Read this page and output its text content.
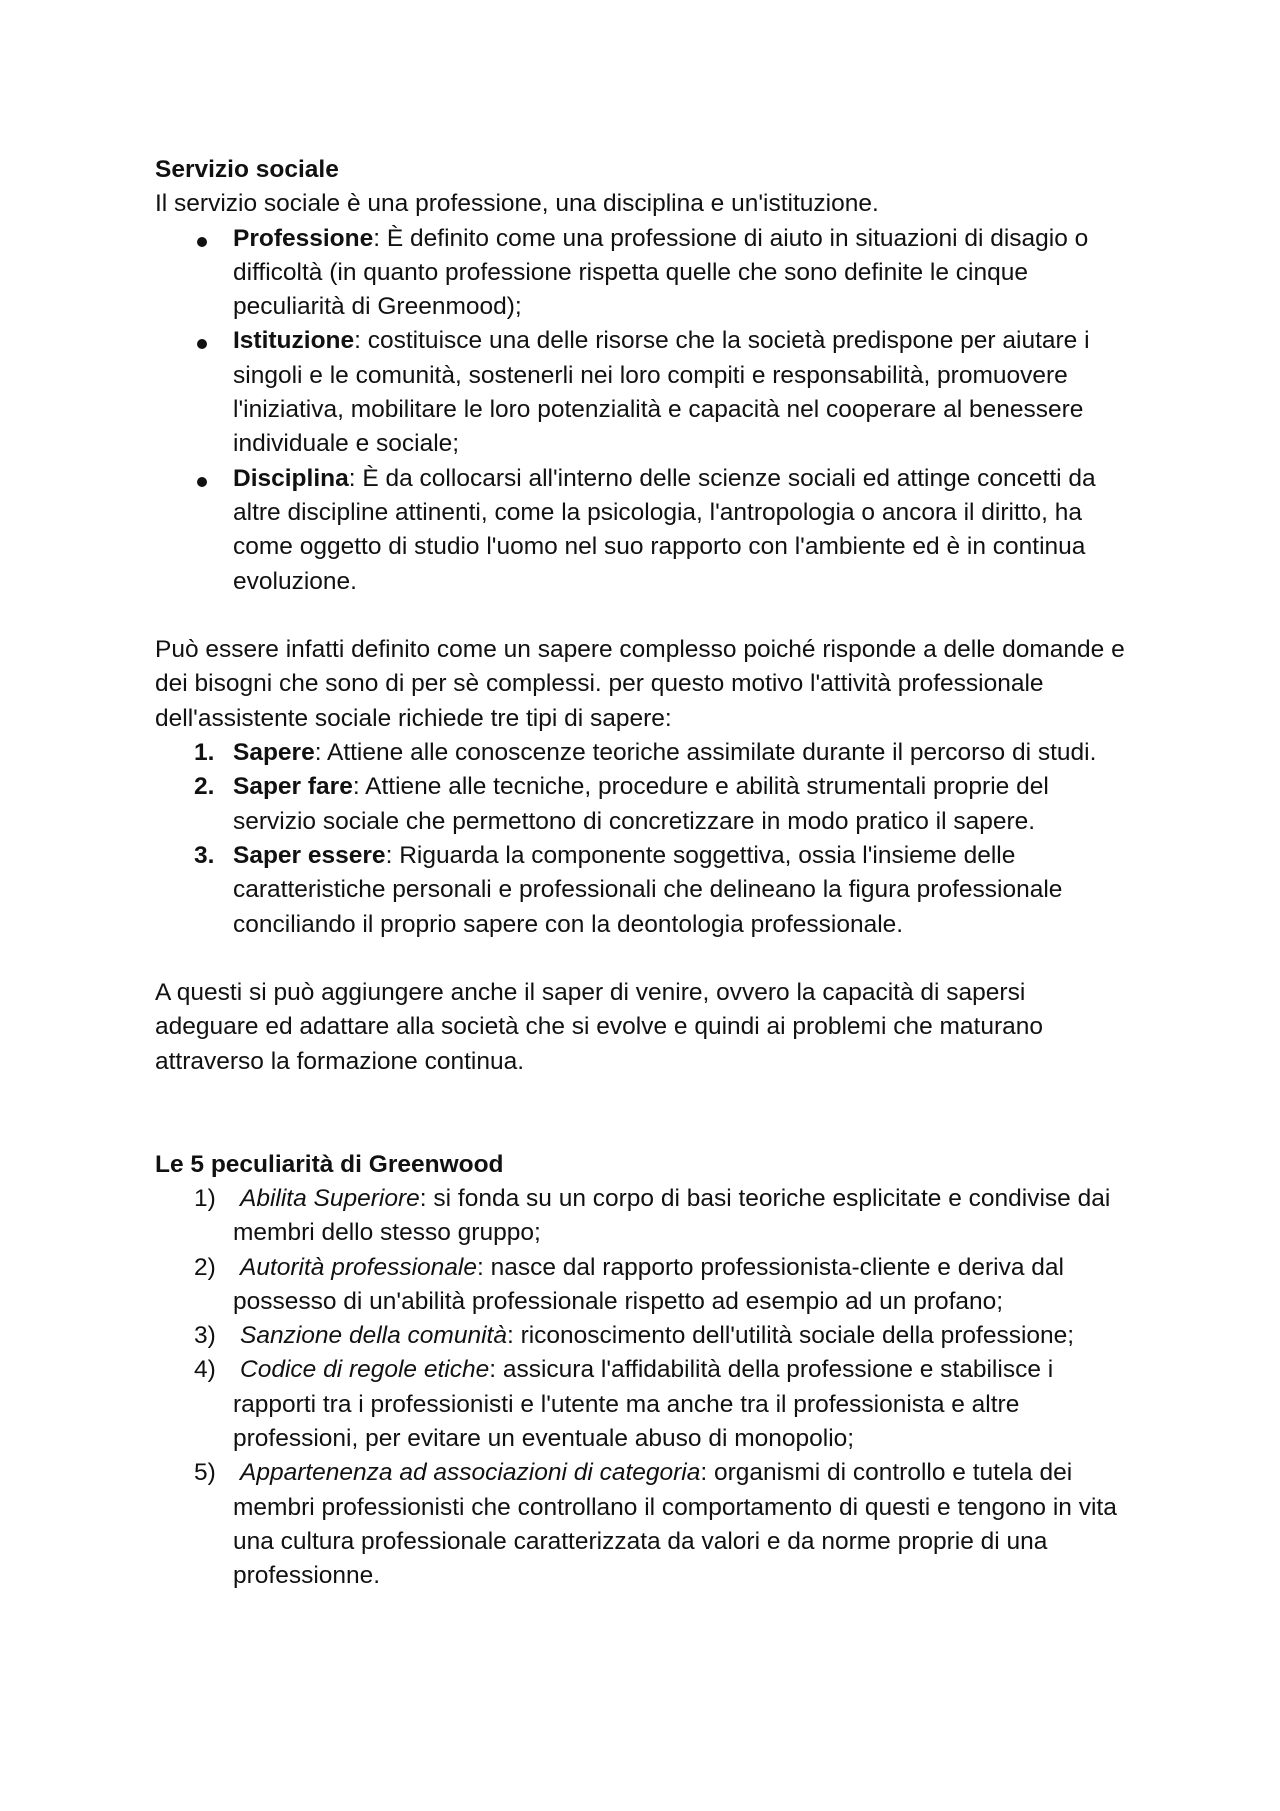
Servizio sociale

Il servizio sociale è una professione, una disciplina e un'istituzione.

Professione: È definito come una professione di aiuto in situazioni di disagio o difficoltà (in quanto professione rispetta quelle che sono definite le cinque peculiarità di Greenmood);
Istituzione: costituisce una delle risorse che la società predispone per aiutare i singoli e le comunità, sostenerli nei loro compiti e responsabilità, promuovere l'iniziativa, mobilitare le loro potenzialità e capacità nel cooperare al benessere individuale e sociale;
Disciplina: È da collocarsi all'interno delle scienze sociali ed attinge concetti da altre discipline attinenti, come la psicologia, l'antropologia o ancora il diritto, ha come oggetto di studio l'uomo nel suo rapporto con l'ambiente ed è in continua evoluzione.

Può essere infatti definito come un sapere complesso poiché risponde a delle domande e dei bisogni che sono di per sè complessi. per questo motivo l'attività professionale dell'assistente sociale richiede tre tipi di sapere:

1. Sapere: Attiene alle conoscenze teoriche assimilate durante il percorso di studi.
2. Saper fare: Attiene alle tecniche, procedure e abilità strumentali proprie del servizio sociale che permettono di concretizzare in modo pratico il sapere.
3. Saper essere: Riguarda la componente soggettiva, ossia l'insieme delle caratteristiche personali e professionali che delineano la figura professionale conciliando il proprio sapere con la deontologia professionale.

A questi si può aggiungere anche il saper di venire, ovvero la capacità di sapersi adeguare ed adattare alla società che si evolve e quindi ai problemi che maturano attraverso la formazione continua.

Le 5 peculiarità di Greenwood

1) Abilita Superiore: si fonda su un corpo di basi teoriche esplicitate e condivise dai membri dello stesso gruppo;
2) Autorità professionale: nasce dal rapporto professionista-cliente e deriva dal possesso di un'abilità professionale rispetto ad esempio ad un profano;
3) Sanzione della comunità: riconoscimento dell'utilità sociale della professione;
4) Codice di regole etiche: assicura l'affidabilità della professione e stabilisce i rapporti tra i professionisti e l'utente ma anche tra il professionista e altre professioni, per evitare un eventuale abuso di monopolio;
5) Appartenenza ad associazioni di categoria: organismi di controllo e tutela dei membri professionisti che controllano il comportamento di questi e tengono in vita una cultura professionale caratterizzata da valori e da norme proprie di una professionne.
